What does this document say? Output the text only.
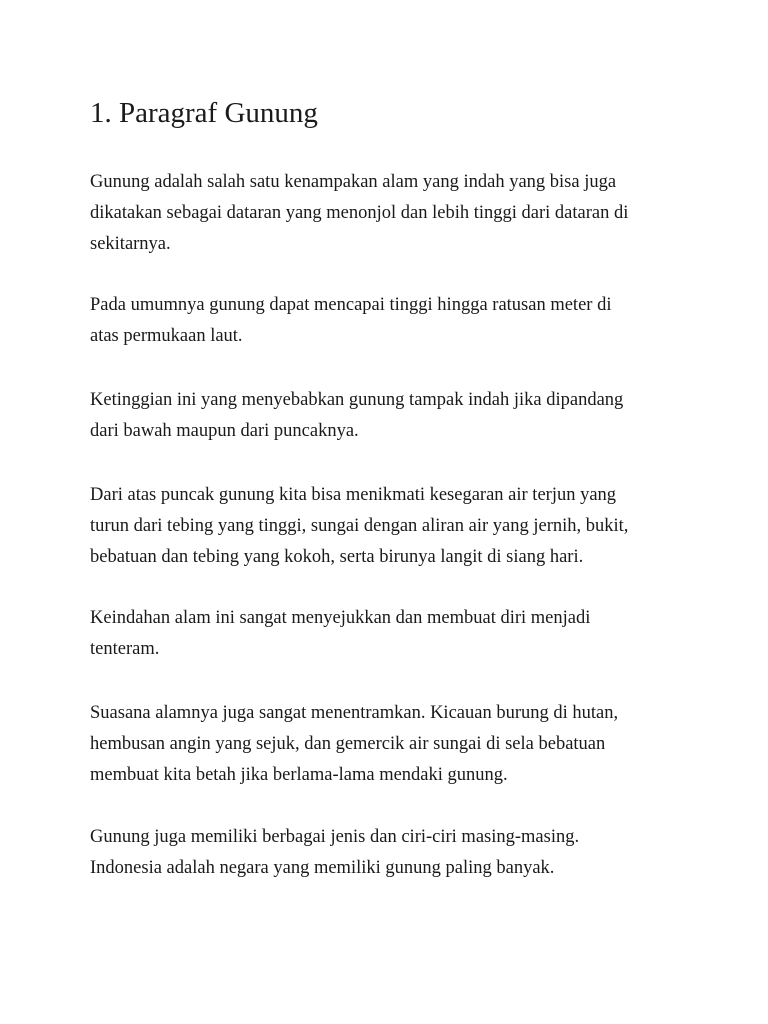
1. Paragraf Gunung

Gunung adalah salah satu kenampakan alam yang indah yang bisa juga
dikatakan sebagai dataran yang menonjol dan lebih tinggi dari dataran di
sekitarnya.

Pada umumnya gunung dapat mencapai tinggi hingga ratusan meter di
atas permukaan laut.

Ketinggian ini yang menyebabkan gunung tampak indah jika dipandang
dari bawah maupun dari puncaknya.

Dari atas puncak gunung kita bisa menikmati kesegaran air terjun yang
turun dari tebing yang tinggi, sungai dengan aliran air yang jernih, bukit,
bebatuan dan tebing yang kokoh, serta birunya langit di siang hari.

Keindahan alam ini sangat menyejukkan dan membuat diri menjadi
tenteram.

Suasana alamnya juga sangat menentramkan. Kicauan burung di hutan,
hembusan angin yang sejuk, dan gemercik air sungai di sela bebatuan
membuat kita betah jika berlama-lama mendaki gunung.

Gunung juga memiliki berbagai jenis dan ciri-ciri masing-masing.
Indonesia adalah negara yang memiliki gunung paling banyak.
